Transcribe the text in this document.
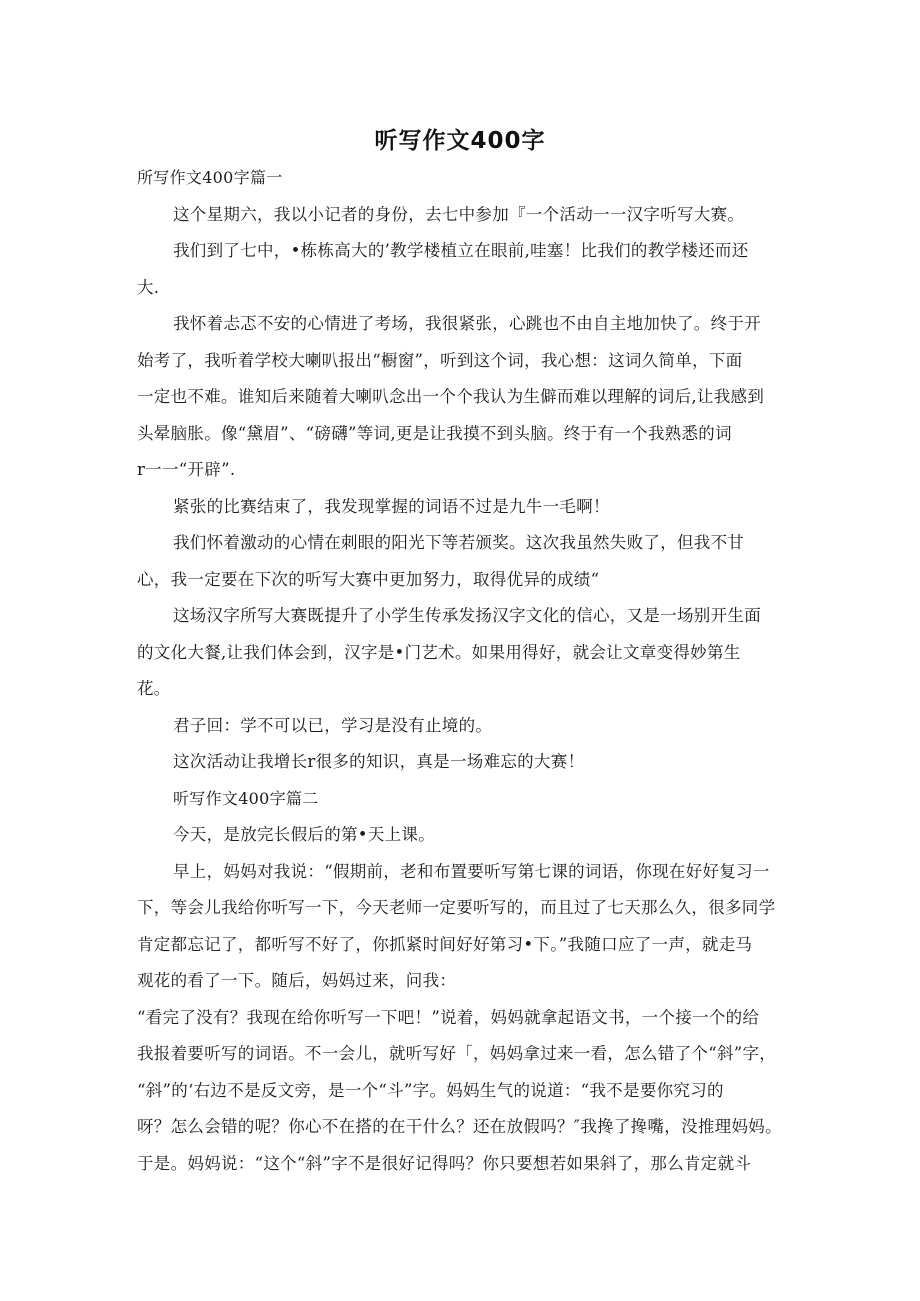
听写作文400字
所写作文400字篇一
这个星期六，我以小记者的身份，去七中参加『一个活动一一汉字听写大赛。
我们到了七中，•栋栋高大的’教学楼植立在眼前,哇塞！比我们的教学楼还而还
大.
我怀着忐忑不安的心情进了考场，我很紧张，心跳也不由自主地加快了。终于开
始考了，我听着学校大喇叭报出“橱窗”，听到这个词，我心想：这词久简单，下面
一定也不难。谁知后来随着大喇叭念出一个个我认为生僻而难以理解的词后,让我感到
头晕脑胀。像“黛眉”、“磅礴”等词,更是让我摸不到头脑。终于有一个我熟悉的词
r一一“开辟”.
紧张的比赛结束了，我发现掌握的词语不过是九牛一毛啊！
我们怀着激动的心情在刺眼的阳光下等若颁奖。这次我虽然失败了，但我不甘
心，我一定要在下次的听写大赛中更加努力，取得优异的成绩“
这场汉字所写大赛既提升了小学生传承发扬汉字文化的信心，又是一场别开生面
的文化大餐,让我们体会到，汉字是•门艺术。如果用得好，就会让文章变得妙第生
花。
君子回：学不可以已，学习是没有止境的。
这次活动让我增长r很多的知识，真是一场难忘的大赛！
听写作文400字篇二
今天，是放完长假后的第•天上课。
早上，妈妈对我说：“假期前，老和布置要听写第七课的词语，你现在好好复习一
下，等会儿我给你听写一下，今天老师一定要听写的，而且过了七天那么久，很多同学
肯定都忘记了，都听写不好了，你抓紧时间好好第习•下。”我随口应了一声，就走马
观花的看了一下。随后，妈妈过来，问我：
“看完了没有？我现在给你听写一下吧！”说着，妈妈就拿起语文书，一个接一个的给
我报着要听写的词语。不一会儿，就听写好「，妈妈拿过来一看，怎么错了个“斜”字，
“斜”的‘右边不是反文旁，是一个“斗”字。妈妈生气的说道：“我不是要你究习的
呀？怎么会错的呢？你心不在搭的在干什么？还在放假吗？″我搀了搀嘴，没推理妈妈。
于是。妈妈说：“这个“斜”字不是很好记得吗？你只要想若如果斜了，那么肯定就斗
